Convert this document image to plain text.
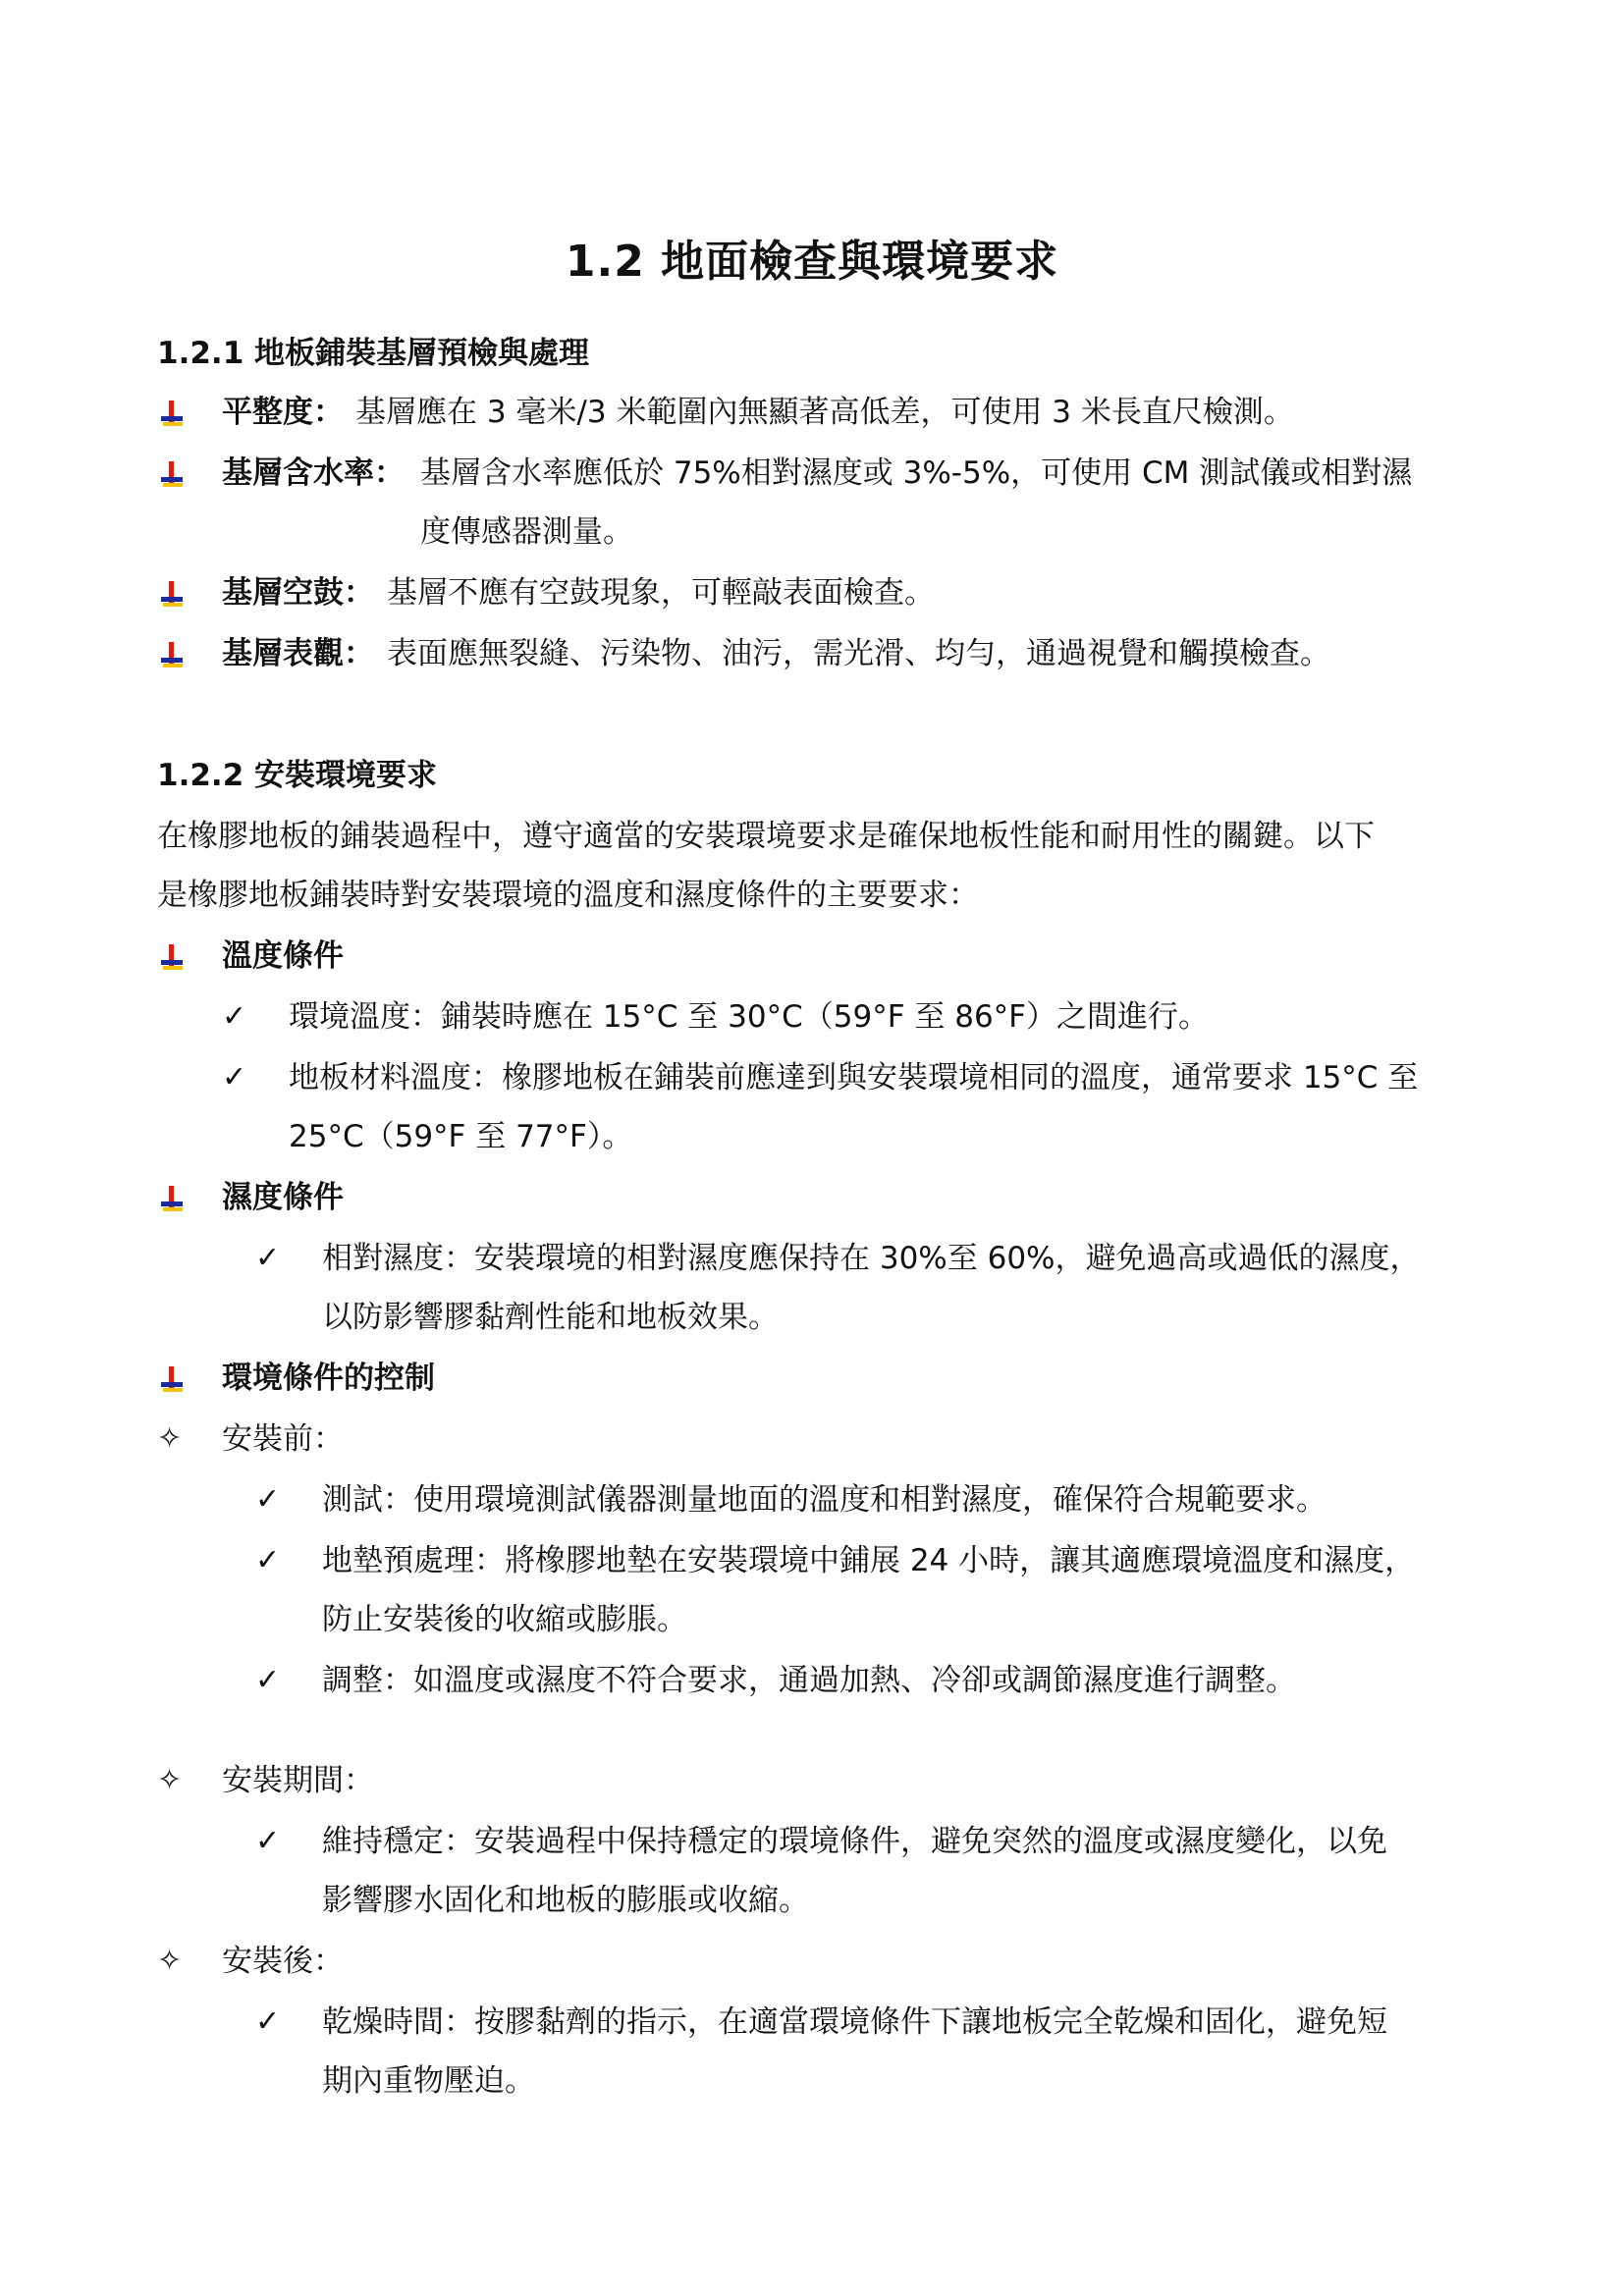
1.2 地面檢查與環境要求
1.2.1 地板鋪裝基層預檢與處理
平整度： 基層應在 3 毫米/3 米範圍內無顯著高低差，可使用 3 米長直尺檢測。
基層含水率： 基層含水率應低於 75%相對濕度或 3%-5%，可使用 CM 測試儀或相對濕
度傳感器測量。
基層空鼓： 基層不應有空鼓現象，可輕敲表面檢查。
基層表觀： 表面應無裂縫、污染物、油污，需光滑、均勻，通過視覺和觸摸檢查。
1.2.2 安裝環境要求
在橡膠地板的鋪裝過程中，遵守適當的安裝環境要求是確保地板性能和耐用性的關鍵。以下
是橡膠地板鋪裝時對安裝環境的溫度和濕度條件的主要要求：
溫度條件
✓ 環境溫度：鋪裝時應在 15°C 至 30°C（59°F 至 86°F）之間進行。
✓ 地板材料溫度：橡膠地板在鋪裝前應達到與安裝環境相同的溫度，通常要求 15°C 至
25°C（59°F 至 77°F）。
濕度條件
✓ 相對濕度：安裝環境的相對濕度應保持在 30%至 60%，避免過高或過低的濕度，
以防影響膠黏劑性能和地板效果。
環境條件的控制
✧ 安裝前：
✓ 測試：使用環境測試儀器測量地面的溫度和相對濕度，確保符合規範要求。
✓ 地墊預處理：將橡膠地墊在安裝環境中鋪展 24 小時，讓其適應環境溫度和濕度，
防止安裝後的收縮或膨脹。
✓ 調整：如溫度或濕度不符合要求，通過加熱、冷卻或調節濕度進行調整。
✧ 安裝期間：
✓ 維持穩定：安裝過程中保持穩定的環境條件，避免突然的溫度或濕度變化，以免
影響膠水固化和地板的膨脹或收縮。
✧ 安裝後：
✓ 乾燥時間：按膠黏劑的指示，在適當環境條件下讓地板完全乾燥和固化，避免短
期內重物壓迫。
